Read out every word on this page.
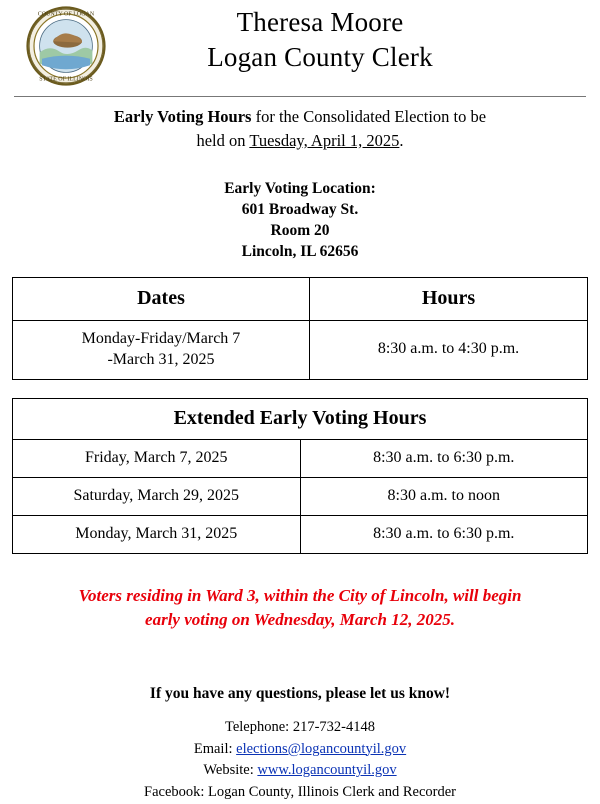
COUNTY OF LOGAN
STATE OF ILLINOIS
Theresa Moore
Logan County Clerk
Early Voting Hours for the Consolidated Election to be
held on Tuesday, April 1, 2025.
Early Voting Location:
601 Broadway St.
Room 20
Lincoln, IL 62656
Dates	Hours

Monday-Friday/March 7
-March 31, 2025	8:30 a.m. to 4:30 p.m.
Extended Early Voting Hours	
Friday, March 7, 2025	8:30 a.m. to 6:30 p.m.
Saturday, March 29, 2025	8:30 a.m. to noon
Monday, March 31, 2025	8:30 a.m. to 6:30 p.m.
Voters residing in Ward 3, within the City of Lincoln, will begin
early voting on Wednesday, March 12, 2025.
If you have any questions, please let us know!
Telephone: 217-732-4148
Email: elections@logancountyil.gov
Website: www.logancountyil.gov
Facebook: Logan County, Illinois Clerk and Recorder
